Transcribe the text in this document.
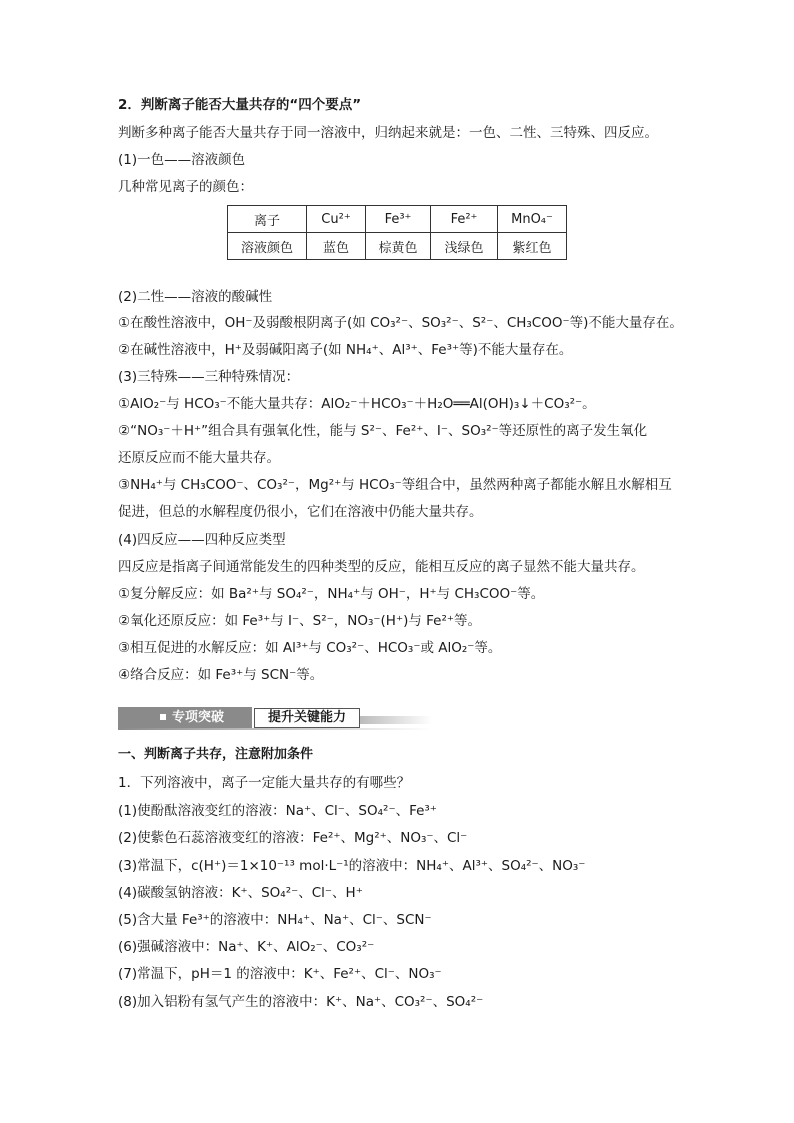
2．判断离子能否大量共存的“四个要点”
判断多种离子能否大量共存于同一溶液中，归纳起来就是：一色、二性、三特殊、四反应。
(1)一色——溶液颜色
几种常见离子的颜色：
离子	Cu²⁺	Fe³⁺	Fe²⁺	MnO₄⁻
溶液颜色	蓝色	棕黄色	浅绿色	紫红色
(2)二性——溶液的酸碱性
①在酸性溶液中，OH⁻及弱酸根阴离子(如 CO₃²⁻、SO₃²⁻、S²⁻、CH₃COO⁻等)不能大量存在。
②在碱性溶液中，H⁺及弱碱阳离子(如 NH₄⁺、Al³⁺、Fe³⁺等)不能大量存在。
(3)三特殊——三种特殊情况：
①AlO₂⁻与 HCO₃⁻不能大量共存：AlO₂⁻＋HCO₃⁻＋H₂O══Al(OH)₃↓＋CO₃²⁻。
②“NO₃⁻＋H⁺”组合具有强氧化性，能与 S²⁻、Fe²⁺、I⁻、SO₃²⁻等还原性的离子发生氧化
还原反应而不能大量共存。
③NH₄⁺与 CH₃COO⁻、CO₃²⁻，Mg²⁺与 HCO₃⁻等组合中，虽然两种离子都能水解且水解相互
促进，但总的水解程度仍很小，它们在溶液中仍能大量共存。
(4)四反应——四种反应类型
四反应是指离子间通常能发生的四种类型的反应，能相互反应的离子显然不能大量共存。
①复分解反应：如 Ba²⁺与 SO₄²⁻，NH₄⁺与 OH⁻，H⁺与 CH₃COO⁻等。
②氧化还原反应：如 Fe³⁺与 I⁻、S²⁻，NO₃⁻(H⁺)与 Fe²⁺等。
③相互促进的水解反应：如 Al³⁺与 CO₃²⁻、HCO₃⁻或 AlO₂⁻等。
④络合反应：如 Fe³⁺与 SCN⁻等。
专项突破	提升关键能力
一、判断离子共存，注意附加条件
1．下列溶液中，离子一定能大量共存的有哪些？
(1)使酚酞溶液变红的溶液：Na⁺、Cl⁻、SO₄²⁻、Fe³⁺
(2)使紫色石蕊溶液变红的溶液：Fe²⁺、Mg²⁺、NO₃⁻、Cl⁻
(3)常温下，c(H⁺)＝1×10⁻¹³ mol·L⁻¹的溶液中：NH₄⁺、Al³⁺、SO₄²⁻、NO₃⁻
(4)碳酸氢钠溶液：K⁺、SO₄²⁻、Cl⁻、H⁺
(5)含大量 Fe³⁺的溶液中：NH₄⁺、Na⁺、Cl⁻、SCN⁻
(6)强碱溶液中：Na⁺、K⁺、AlO₂⁻、CO₃²⁻
(7)常温下，pH＝1 的溶液中：K⁺、Fe²⁺、Cl⁻、NO₃⁻
(8)加入铝粉有氢气产生的溶液中：K⁺、Na⁺、CO₃²⁻、SO₄²⁻
